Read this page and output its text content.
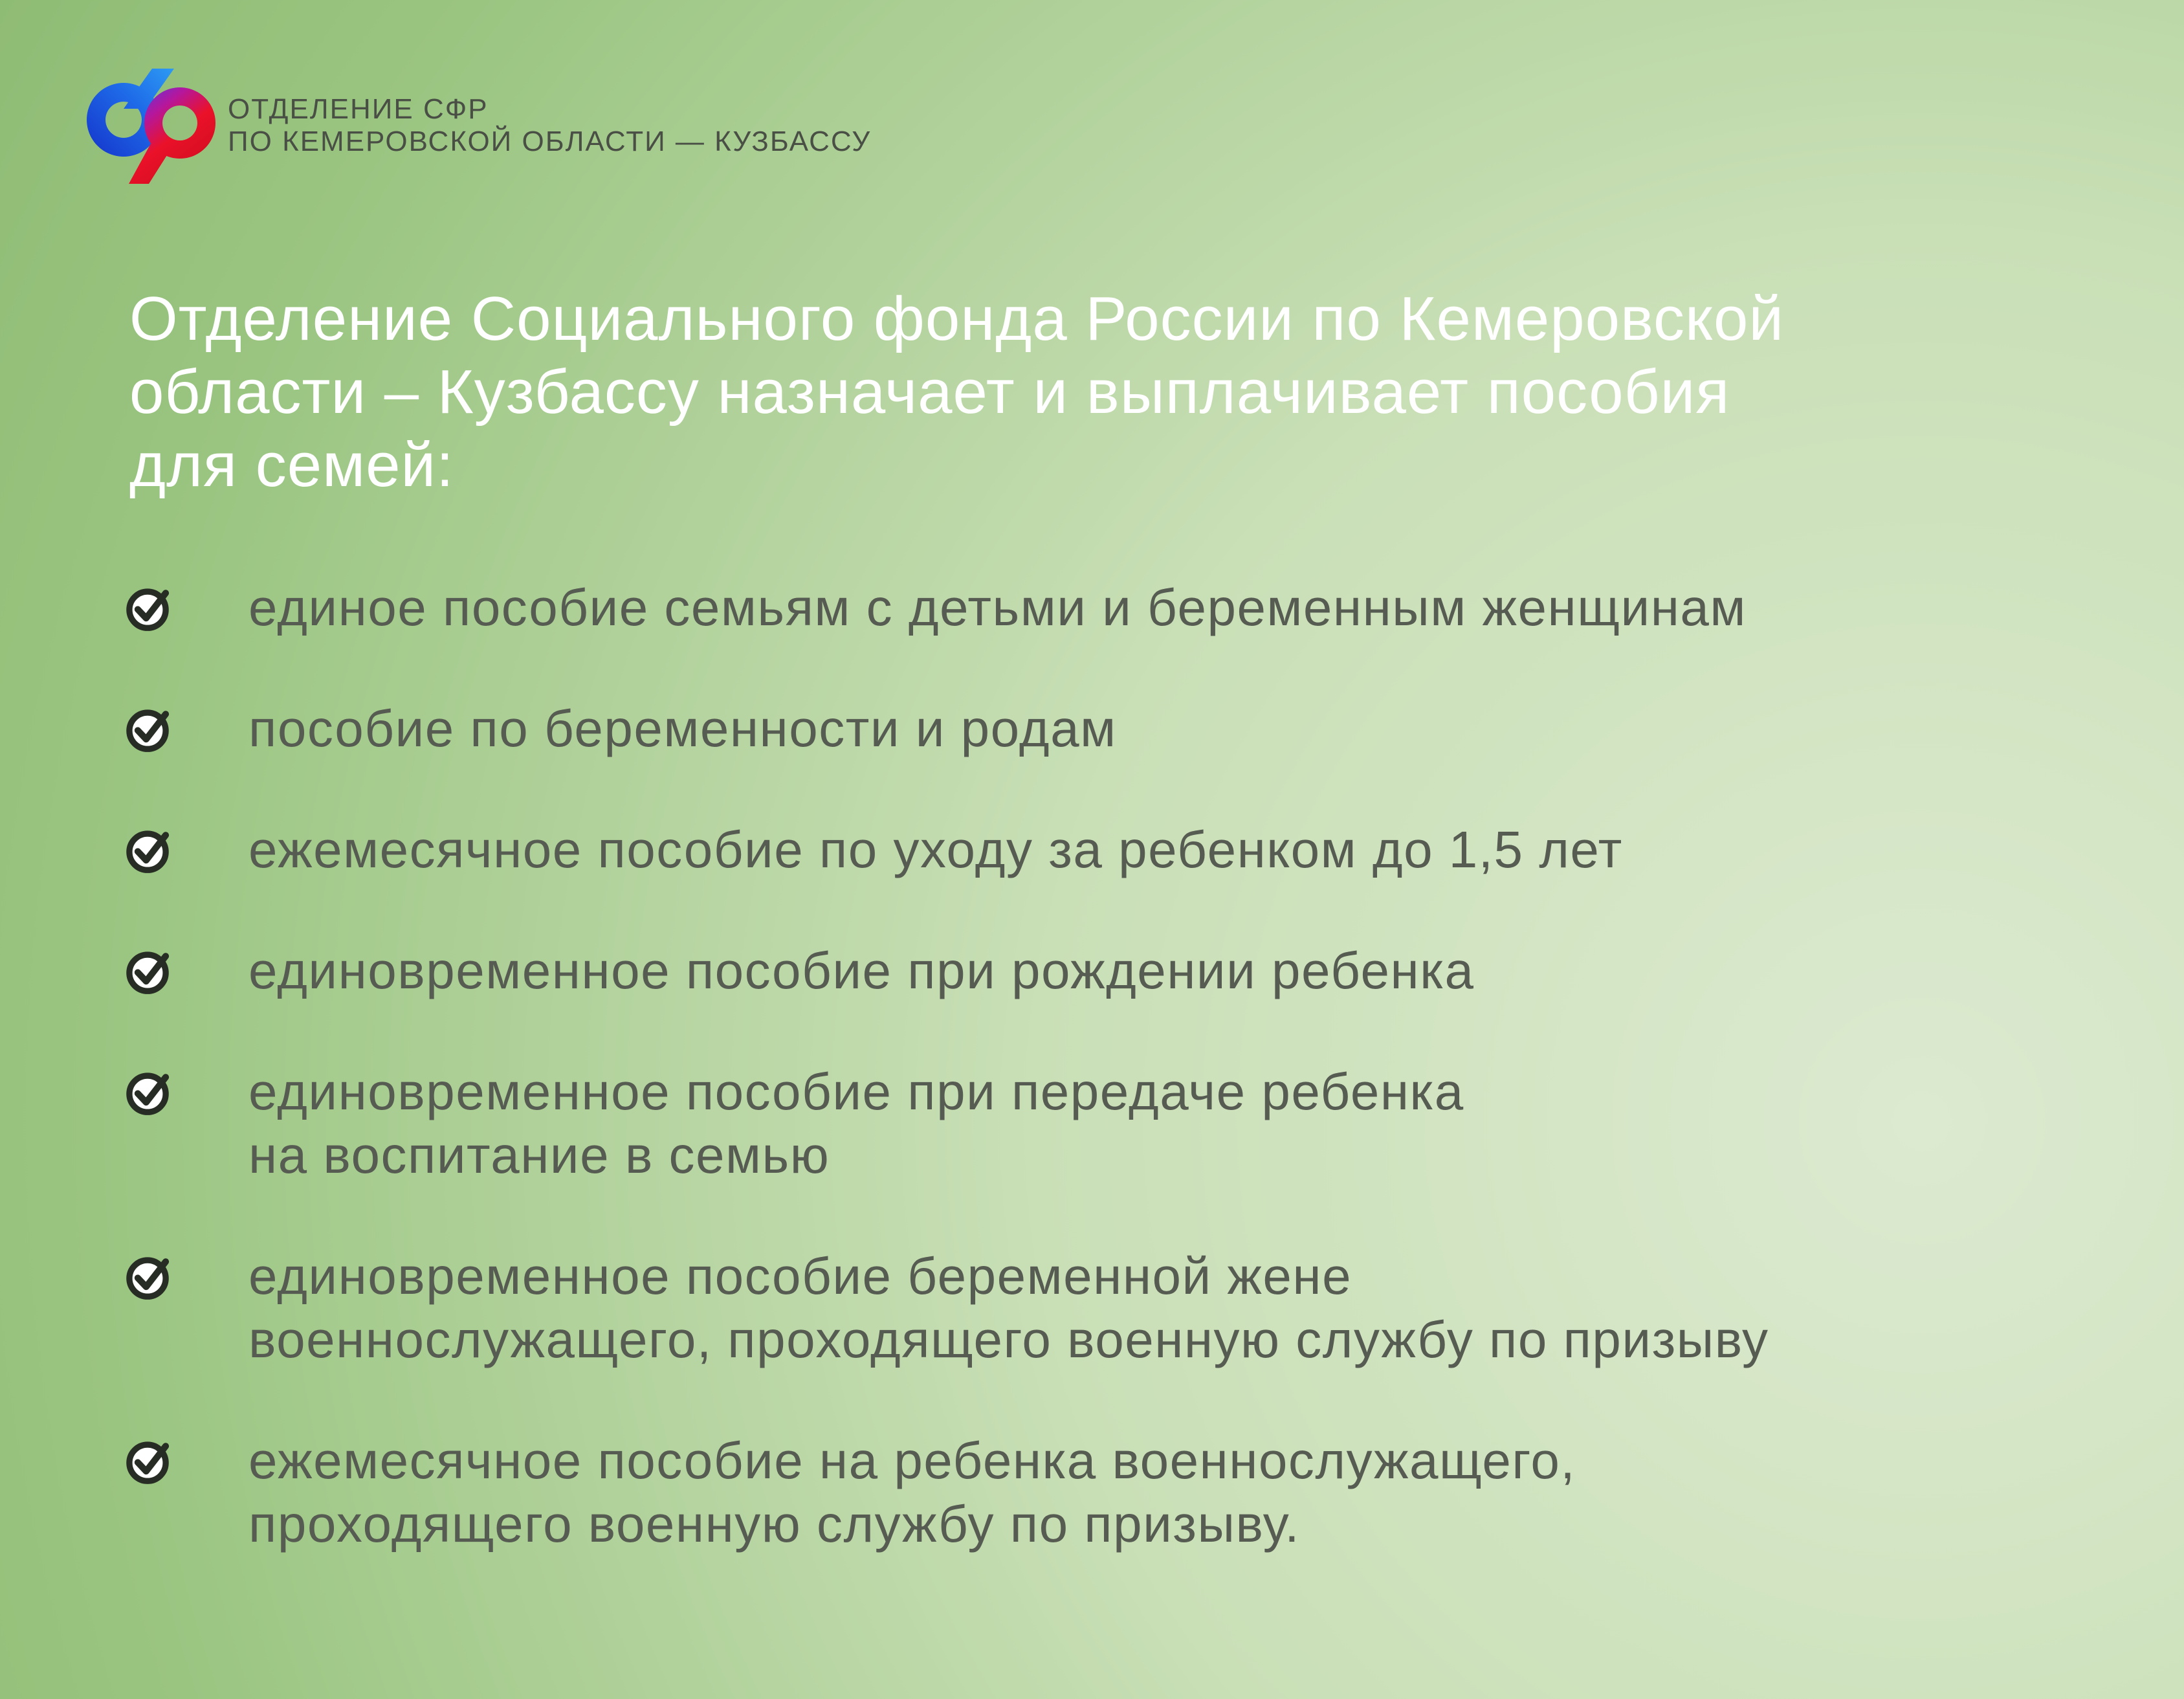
ОТДЕЛЕНИЕ СФР
ПО КЕМЕРОВСКОЙ ОБЛАСТИ — КУЗБАССУ
Отделение Социального фонда России по Кемеровской
области – Кузбассу назначает и выплачивает пособия
для семей:
единое пособие семьям с детьми и беременным женщинам
пособие по беременности и родам
ежемесячное пособие по уходу за ребенком до 1,5 лет
единовременное пособие при рождении ребенка
единовременное пособие при передаче ребенка
на воспитание в семью
единовременное пособие беременной жене
военнослужащего, проходящего военную службу по призыву
ежемесячное пособие на ребенка военнослужащего,
проходящего военную службу по призыву.
